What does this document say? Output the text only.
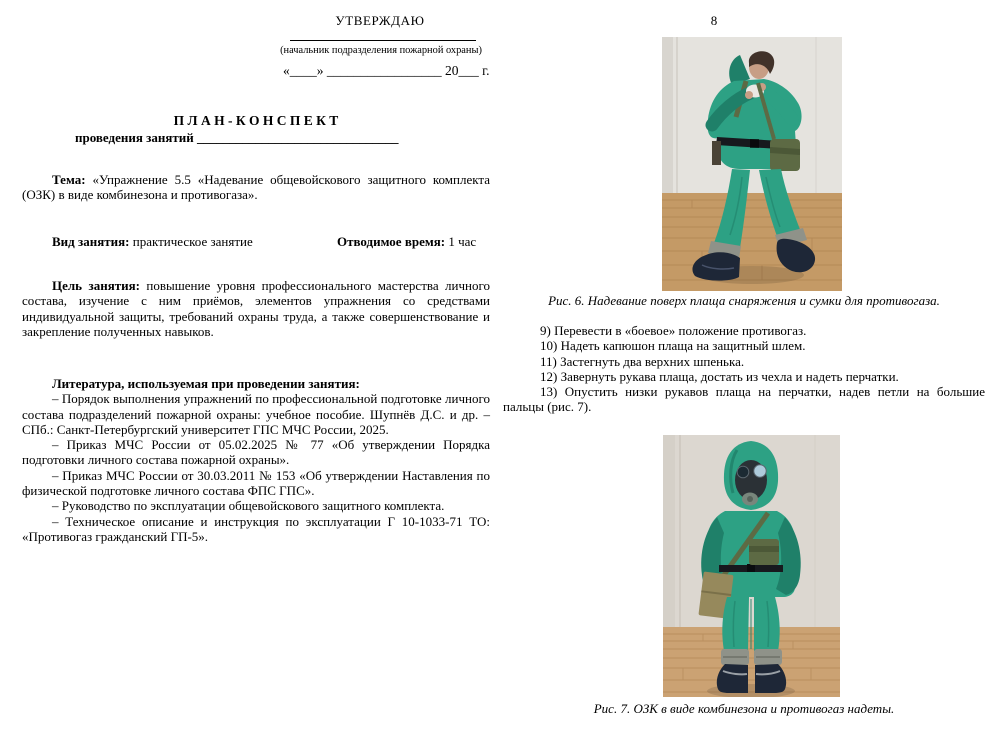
УТВЕРЖДАЮ
(начальник подразделения пожарной охраны)
«____» _________________ 20___ г.
П Л А Н - К О Н С П Е К Т
проведения занятий _______________________________

Тема: «Упражнение 5.5 «Надевание общевойскового защитного комплекта (ОЗК) в виде комбинезона и противогаза».

Вид занятия: практическое занятие	Отводимое время: 1 час

Цель занятия: повышение уровня профессионального мастерства личного состава, изучение с ним приёмов, элементов упражнения со средствами индивидуальной защиты, требований охраны труда, а также совершенствование и закрепление полученных навыков.

Литература, используемая при проведении занятия:

– Порядок выполнения упражнений по профессиональной подготовке личного состава подразделений пожарной охраны: учебное пособие. Шупнёв Д.С. и др. –СПб.: Санкт-Петербургский университет ГПС МЧС России, 2025.

– Приказ МЧС России от 05.02.2025 № 77 «Об утверждении Порядка подготовки личного состава пожарной охраны».

– Приказ МЧС России от 30.03.2011 № 153 «Об утверждении Наставления по физической подготовке личного состава ФПС ГПС».

– Руководство по эксплуатации общевойскового защитного комплекта.

– Техническое описание и инструкция по эксплуатации Г 10-1033-71 ТО: «Противогаз гражданский ГП-5».

8
Рис. 6. Надевание поверх плаща снаряжения и сумки для противогаза.

9) Перевести в «боевое» положение противогаз.

10) Надеть капюшон плаща на защитный шлем.

11) Застегнуть два верхних шпенька.

12) Завернуть рукава плаща, достать из чехла и надеть перчатки.

13) Опустить низки рукавов плаща на перчатки, надев петли на большие пальцы (рис. 7).

Рис. 7. ОЗК в виде комбинезона и противогаз надеты.
